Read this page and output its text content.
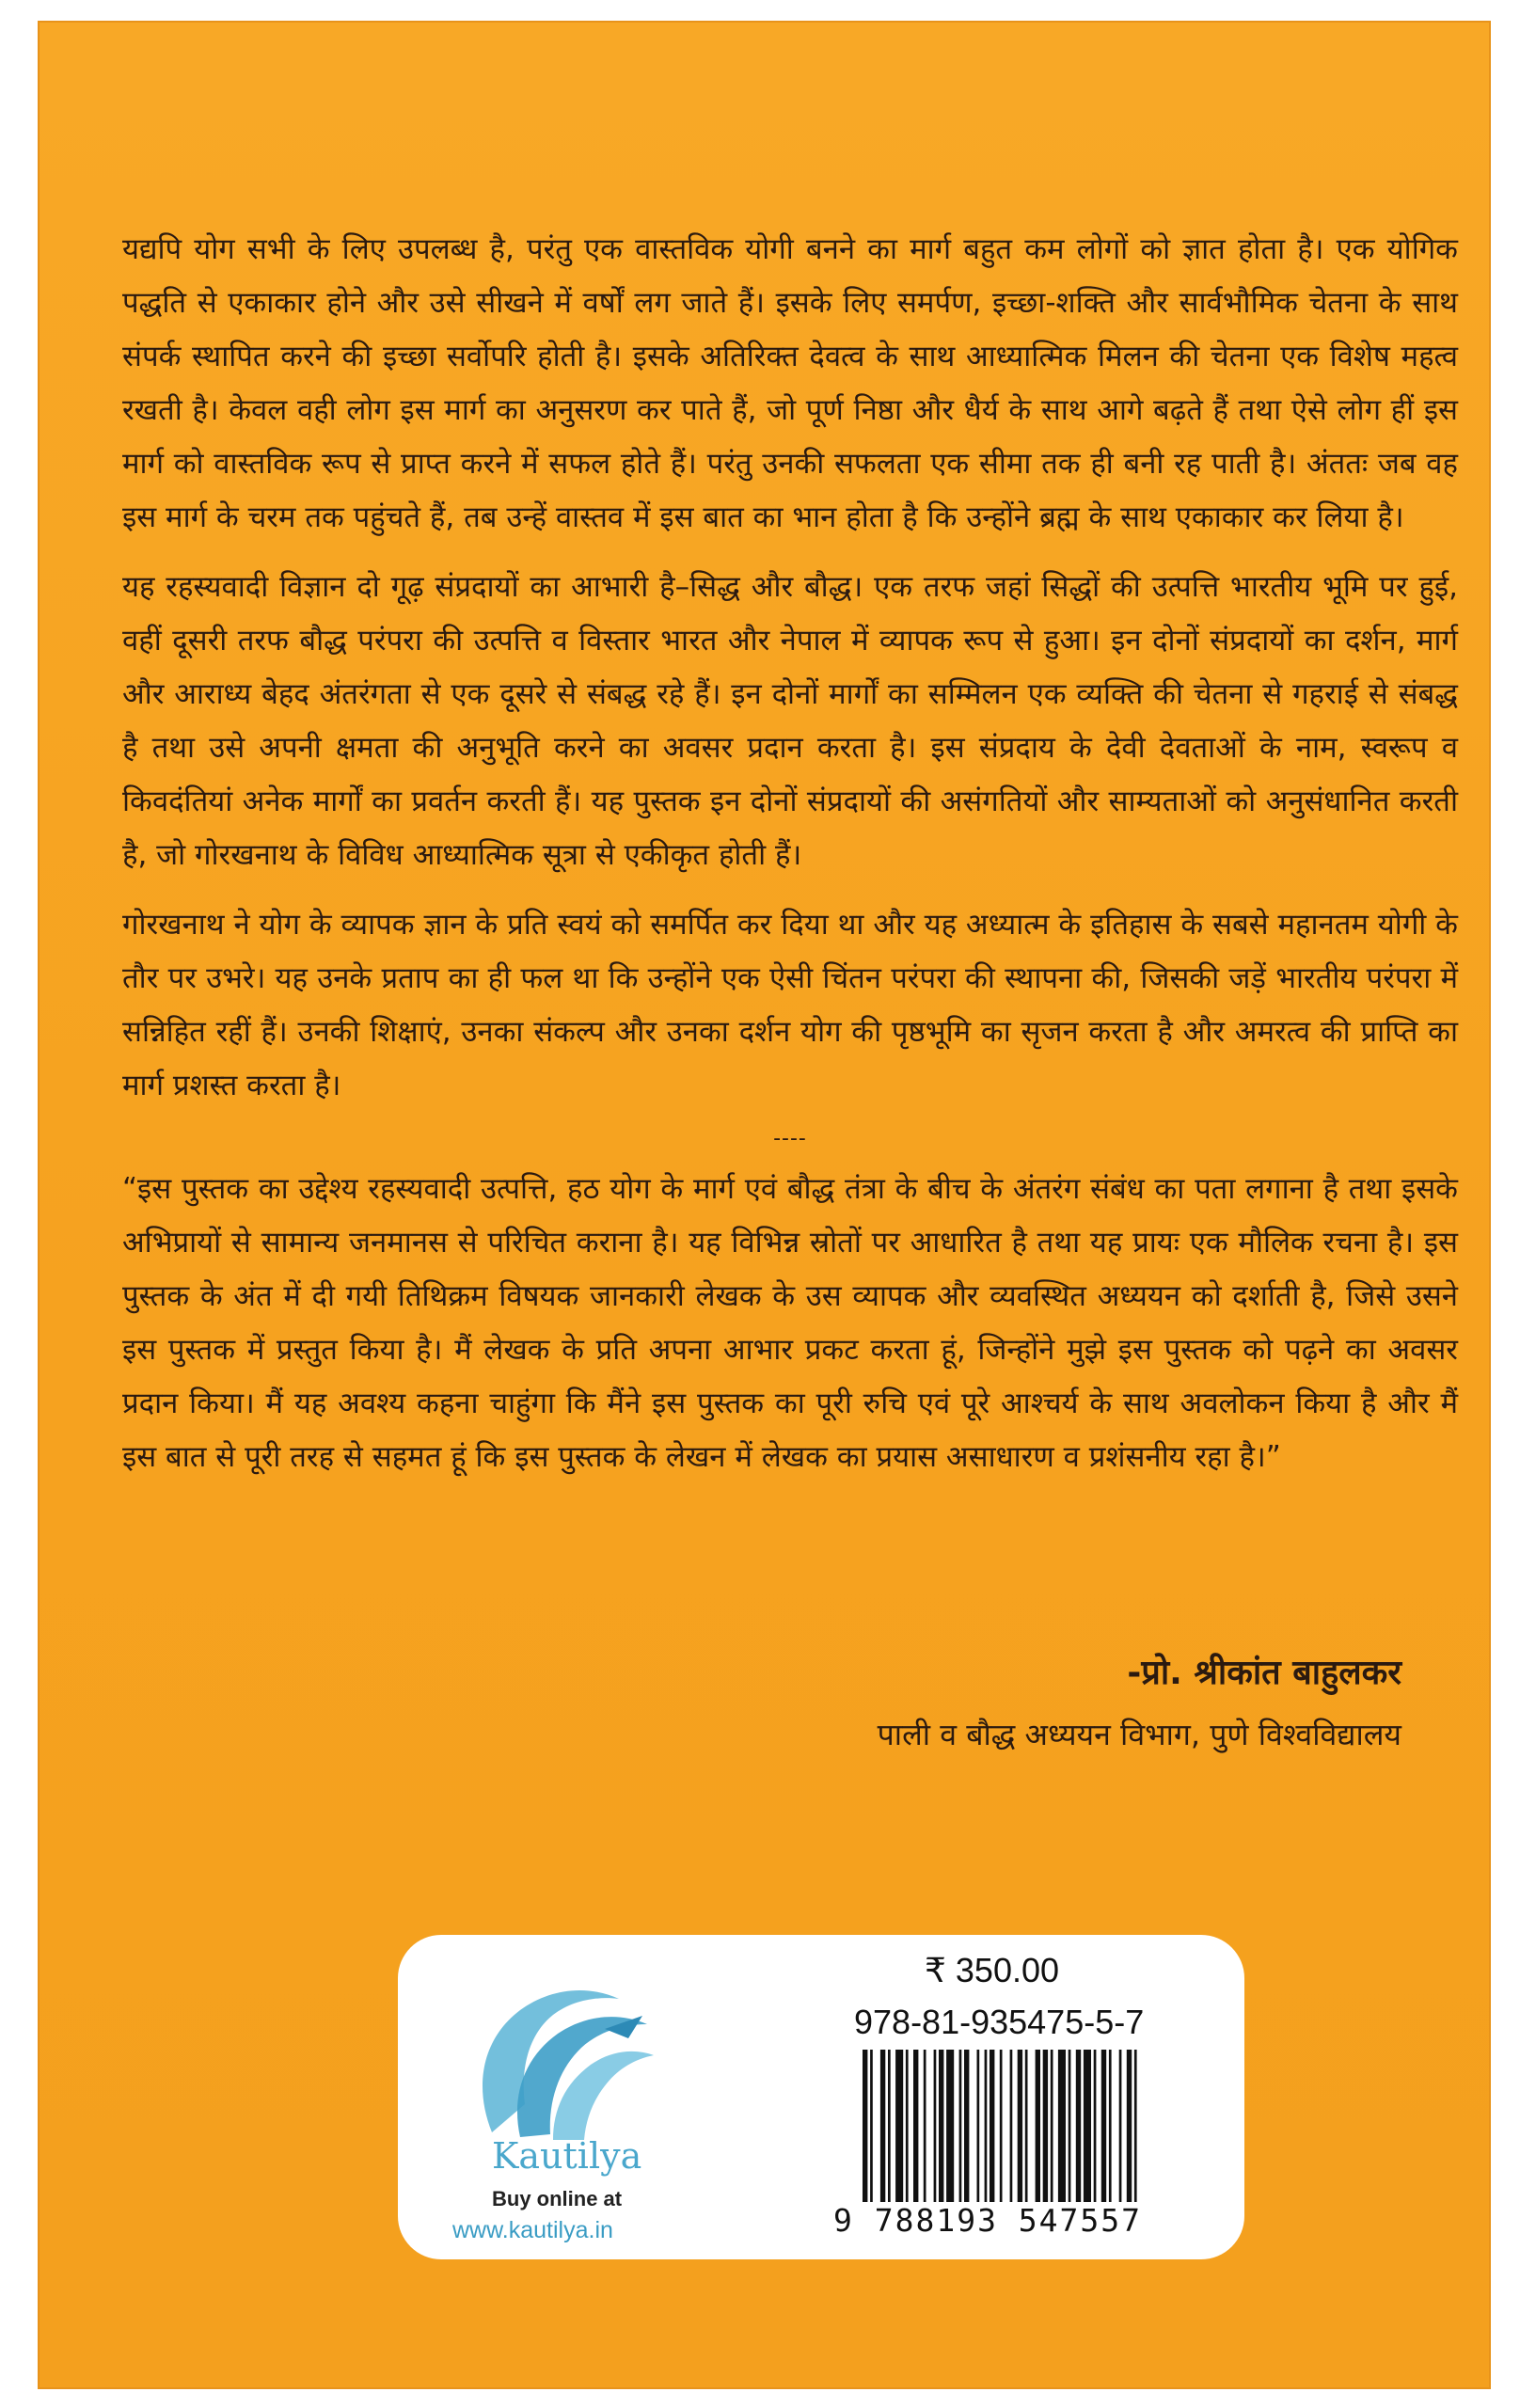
यद्यपि योग सभी के लिए उपलब्ध है, परंतु एक वास्तविक योगी बनने का मार्ग बहुत कम लोगों को ज्ञात होता है। एक योगिक पद्धति से एकाकार होने और उसे सीखने में वर्षों लग जाते हैं। इसके लिए समर्पण, इच्छा-शक्ति और सार्वभौमिक चेतना के साथ संपर्क स्थापित करने की इच्छा सर्वोपरि होती है। इसके अतिरिक्त देवत्व के साथ आध्यात्मिक मिलन की चेतना एक विशेष महत्व रखती है। केवल वही लोग इस मार्ग का अनुसरण कर पाते हैं, जो पूर्ण निष्ठा और धैर्य के साथ आगे बढ़ते हैं तथा ऐसे लोग हीं इस मार्ग को वास्तविक रूप से प्राप्त करने में सफल होते हैं। परंतु उनकी सफलता एक सीमा तक ही बनी रह पाती है। अंततः जब वह इस मार्ग के चरम तक पहुंचते हैं, तब उन्हें वास्तव में इस बात का भान होता है कि उन्होंने ब्रह्म के साथ एकाकार कर लिया है।

यह रहस्यवादी विज्ञान दो गूढ़ संप्रदायों का आभारी है–सिद्ध और बौद्ध। एक तरफ जहां सिद्धों की उत्पत्ति भारतीय भूमि पर हुई, वहीं दूसरी तरफ बौद्ध परंपरा की उत्पत्ति व विस्तार भारत और नेपाल में व्यापक रूप से हुआ। इन दोनों संप्रदायों का दर्शन, मार्ग और आराध्य बेहद अंतरंगता से एक दूसरे से संबद्ध रहे हैं। इन दोनों मार्गों का सम्मिलन एक व्यक्ति की चेतना से गहराई से संबद्ध है तथा उसे अपनी क्षमता की अनुभूति करने का अवसर प्रदान करता है। इस संप्रदाय के देवी देवताओं के नाम, स्वरूप व किवदंतियां अनेक मार्गों का प्रवर्तन करती हैं। यह पुस्तक इन दोनों संप्रदायों की असंगतियों और साम्यताओं को अनुसंधानित करती है, जो गोरखनाथ के विविध आध्यात्मिक सूत्रा से एकीकृत होती हैं।

गोरखनाथ ने योग के व्यापक ज्ञान के प्रति स्वयं को समर्पित कर दिया था और यह अध्यात्म के इतिहास के सबसे महानतम योगी के तौर पर उभरे। यह उनके प्रताप का ही फल था कि उन्होंने एक ऐसी चिंतन परंपरा की स्थापना की, जिसकी जड़ें भारतीय परंपरा में सन्निहित रहीं हैं। उनकी शिक्षाएं, उनका संकल्प और उनका दर्शन योग की पृष्ठभूमि का सृजन करता है और अमरत्व की प्राप्ति का मार्ग प्रशस्त करता है।

----

“इस पुस्तक का उद्देश्य रहस्यवादी उत्पत्ति, हठ योग के मार्ग एवं बौद्ध तंत्रा के बीच के अंतरंग संबंध का पता लगाना है तथा इसके अभिप्रायों से सामान्य जनमानस से परिचित कराना है। यह विभिन्न स्रोतों पर आधारित है तथा यह प्रायः एक मौलिक रचना है। इस पुस्तक के अंत में दी गयी तिथिक्रम विषयक जानकारी लेखक के उस व्यापक और व्यवस्थित अध्ययन को दर्शाती है, जिसे उसने इस पुस्तक में प्रस्तुत किया है। मैं लेखक के प्रति अपना आभार प्रकट करता हूं, जिन्होंने मुझे इस पुस्तक को पढ़ने का अवसर प्रदान किया। मैं यह अवश्य कहना चाहुंगा कि मैंने इस पुस्तक का पूरी रुचि एवं पूरे आश्चर्य के साथ अवलोकन किया है और मैं इस बात से पूरी तरह से सहमत हूं कि इस पुस्तक के लेखन में लेखक का प्रयास असाधारण व प्रशंसनीय रहा है।”

-प्रो. श्रीकांत बाहुलकर
पाली व बौद्ध अध्ययन विभाग, पुणे विश्वविद्यालय
Kautilya
Buy online at
www.kautilya.in
₹ 350.00
978-81-935475-5-7
9 788193 547557
